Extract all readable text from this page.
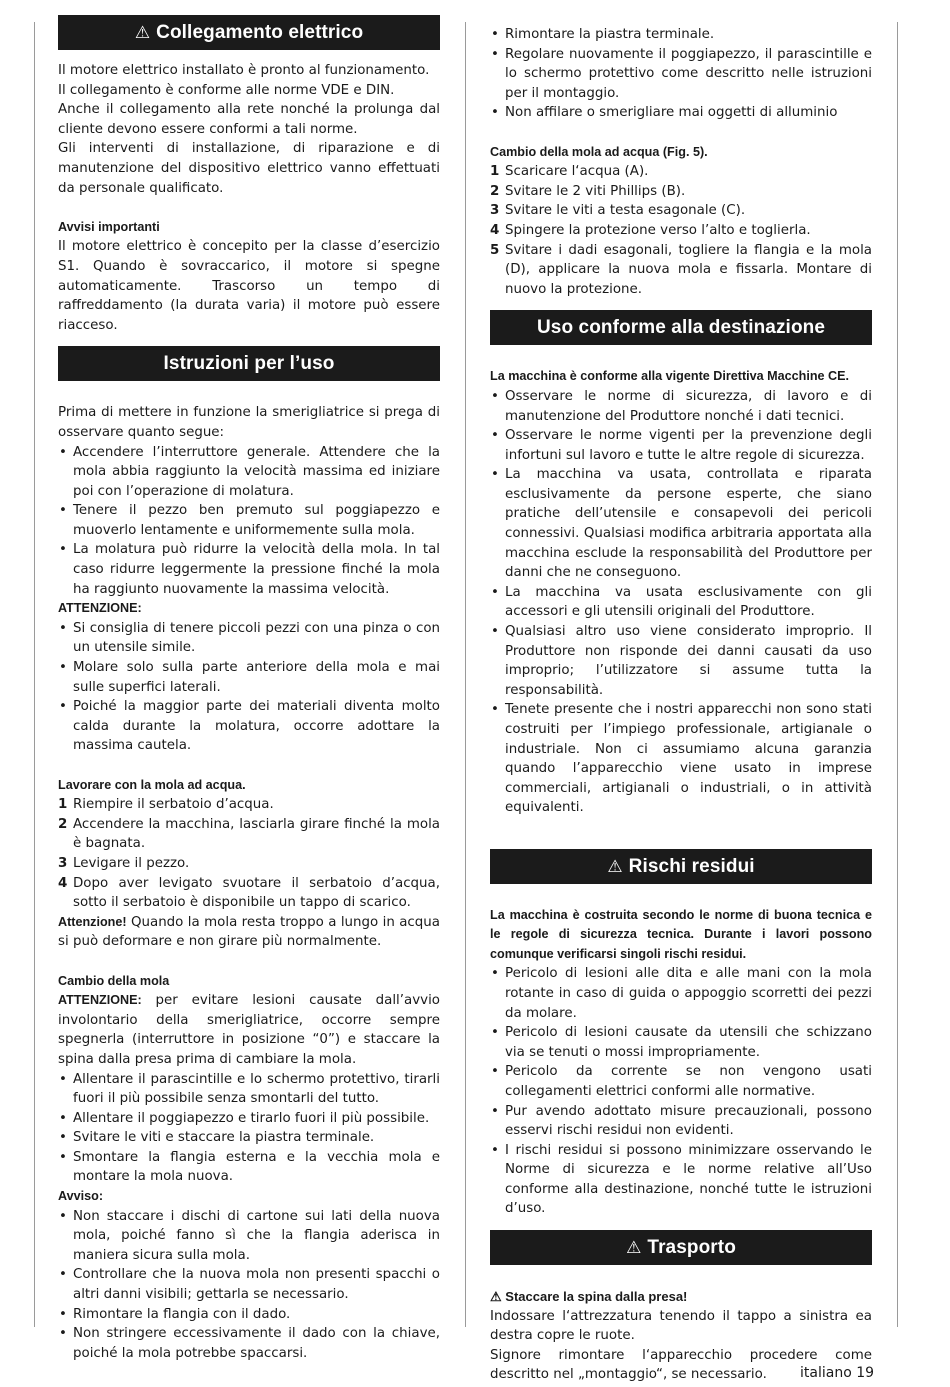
⚠ Collegamento elettrico

Il motore elettrico installato è pronto al funzionamento.

Il collegamento è conforme alle norme VDE e DIN.

Anche il collegamento alla rete nonché la prolunga dal cliente devono essere conformi a tali norme.

Gli interventi di installazione, di riparazione e di manutenzione del dispositivo elettrico vanno effettuati da personale qualificato.

Avvisi importanti

Il motore elettrico è concepito per la classe d’esercizio S1. Quando è sovraccarico, il motore si spegne automaticamente. Trascorso un tempo di raffreddamento (la durata varia) il motore può essere riacceso.

Istruzioni per l’uso

Prima di mettere in funzione la smerigliatrice si prega di osservare quanto segue:

• Accendere l’interruttore generale. Attendere che la mola abbia raggiunto la velocità massima ed iniziare poi con l’operazione di molatura.
• Tenere il pezzo ben premuto sul poggiapezzo e muoverlo lentamente e uniformemente sulla mola.
• La molatura può ridurre la velocità della mola. In tal caso ridurre leggermente la pressione finché la mola ha raggiunto nuovamente la massima velocità.

ATTENZIONE:

• Si consiglia di tenere piccoli pezzi con una pinza o con un utensile simile.
• Molare solo sulla parte anteriore della mola e mai sulle superfici laterali.
• Poiché la maggior parte dei materiali diventa molto calda durante la molatura, occorre adottare la massima cautela.

Lavorare con la mola ad acqua.

1 Riempire il serbatoio d’acqua.
2 Accendere la macchina, lasciarla girare finché la mola è bagnata.
3 Levigare il pezzo.
4 Dopo aver levigato svuotare il serbatoio d’acqua, sotto il serbatoio è disponibile un tappo di scarico.

Attenzione! Quando la mola resta troppo a lungo in acqua si può deformare e non girare più normalmente.

Cambio della mola

ATTENZIONE: per evitare lesioni causate dall’avvio involontario della smerigliatrice, occorre sempre spegnerla (interruttore in posizione “0”) e staccare la spina dalla presa prima di cambiare la mola.

• Allentare il parascintille e lo schermo protettivo, tirarli fuori il più possibile senza smontarli del tutto.
• Allentare il poggiapezzo e tirarlo fuori il più possibile.
• Svitare le viti e staccare la piastra terminale.
• Smontare la flangia esterna e la vecchia mola e montare la mola nuova.

Avviso:

• Non staccare i dischi di cartone sui lati della nuova mola, poiché fanno sì che la flangia aderisca in maniera sicura sulla mola.
• Controllare che la nuova mola non presenti spacchi o altri danni visibili; gettarla se necessario.
• Rimontare la flangia con il dado.
• Non stringere eccessivamente il dado con la chiave, poiché la mola potrebbe spaccarsi.
• Rimontare la piastra terminale.
• Regolare nuovamente il poggiapezzo, il parascintille e lo schermo protettivo come descritto nelle istruzioni per il montaggio.
• Non affilare o smerigliare mai oggetti di alluminio

Cambio della mola ad acqua (Fig. 5).

1 Scaricare l‘acqua (A).
2 Svitare le 2 viti Phillips (B).
3 Svitare le viti a testa esagonale (C).
4 Spingere la protezione verso l’alto e toglierla.
5 Svitare i dadi esagonali, togliere la flangia e la mola (D), applicare la nuova mola e fissarla. Montare di nuovo la protezione.
Uso conforme alla destinazione

La macchina è conforme alla vigente Direttiva Macchine CE.

• Osservare le norme di sicurezza, di lavoro e di manutenzione del Produttore nonché i dati tecnici.
• Osservare le norme vigenti per la prevenzione degli infortuni sul lavoro e tutte le altre regole di sicurezza.
• La macchina va usata, controllata e riparata esclusivamente da persone esperte, che siano pratiche dell’utensile e consapevoli dei pericoli connessivi. Qualsiasi modifica arbitraria apportata alla macchina esclude la responsabilità del Produttore per danni che ne conseguono.
• La macchina va usata esclusivamente con gli accessori e gli utensili originali del Produttore.
• Qualsiasi altro uso viene considerato improprio. Il Produttore non risponde dei danni causati da uso improprio; l’utilizzatore si assume tutta la responsabilità.
• Tenete presente che i nostri apparecchi non sono stati costruiti per l’impiego professionale, artigianale o industriale. Non ci assumiamo alcuna garanzia quando l’apparecchio viene usato in imprese commerciali, artigianali o industriali, o in attività equivalenti.
⚠ Rischi residui

La macchina è costruita secondo le norme di buona tecnica e le regole di sicurezza tecnica. Durante i lavori possono comunque verificarsi singoli rischi residui.

• Pericolo di lesioni alle dita e alle mani con la mola rotante in caso di guida o appoggio scorretti dei pezzi da molare.
• Pericolo di lesioni causate da utensili che schizzano via se tenuti o mossi impropriamente.
• Pericolo da corrente se non vengono usati collegamenti elettrici conformi alle normative.
• Pur avendo adottato misure precauzionali, possono esservi rischi residui non evidenti.
• I rischi residui si possono minimizzare osservando le Norme di sicurezza e le norme relative all’Uso conforme alla destinazione, nonché tutte le istruzioni d’uso.
⚠ Trasporto

⚠ Staccare la spina dalla presa!

Indossare l‘attrezzatura tenendo il tappo a sinistra ea destra copre le ruote.

Signore rimontare l‘apparecchio procedere come descritto nel „montaggio“, se necessario.	italiano 19
